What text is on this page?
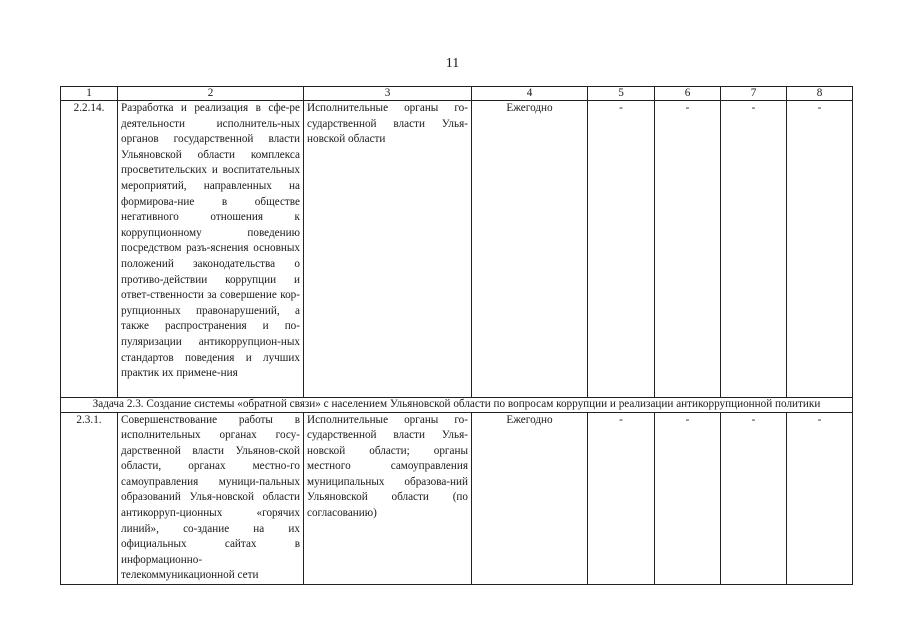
11
1	2	3	4	5	6	7	8
2.2.14.	Разработка и реализация в сфе-ре деятельности исполнитель-ных органов государственной власти Ульяновской области комплекса просветительских и воспитательных мероприятий, направленных на формирова-ние в обществе негативного отношения к коррупционному поведению посредством разъ-яснения основных положений законодательства о противо-действии коррупции и ответ-ственности за совершение кор-рупционных правонарушений, а также распространения и по-пуляризации антикоррупцион-ных стандартов поведения и лучших практик их примене-ния	Исполнительные органы го-сударственной власти Улья-новской области	Ежегодно	-	-	-	-
Задача 2.3. Создание системы «обратной связи» с населением Ульяновской области по вопросам коррупции и реализации антикоррупционной политики							
2.3.1.	Совершенствование работы в исполнительных органах госу-дарственной власти Ульянов-ской области, органах местно-го самоуправления муници-пальных образований Улья-новской области антикорруп-ционных «горячих линий», со-здание на их официальных сайтах в информационно-телекоммуникационной сети	Исполнительные органы го-сударственной власти Улья-новской области; органы местного самоуправления муниципальных образова-ний Ульяновской области (по согласованию)	Ежегодно	-	-	-	-
